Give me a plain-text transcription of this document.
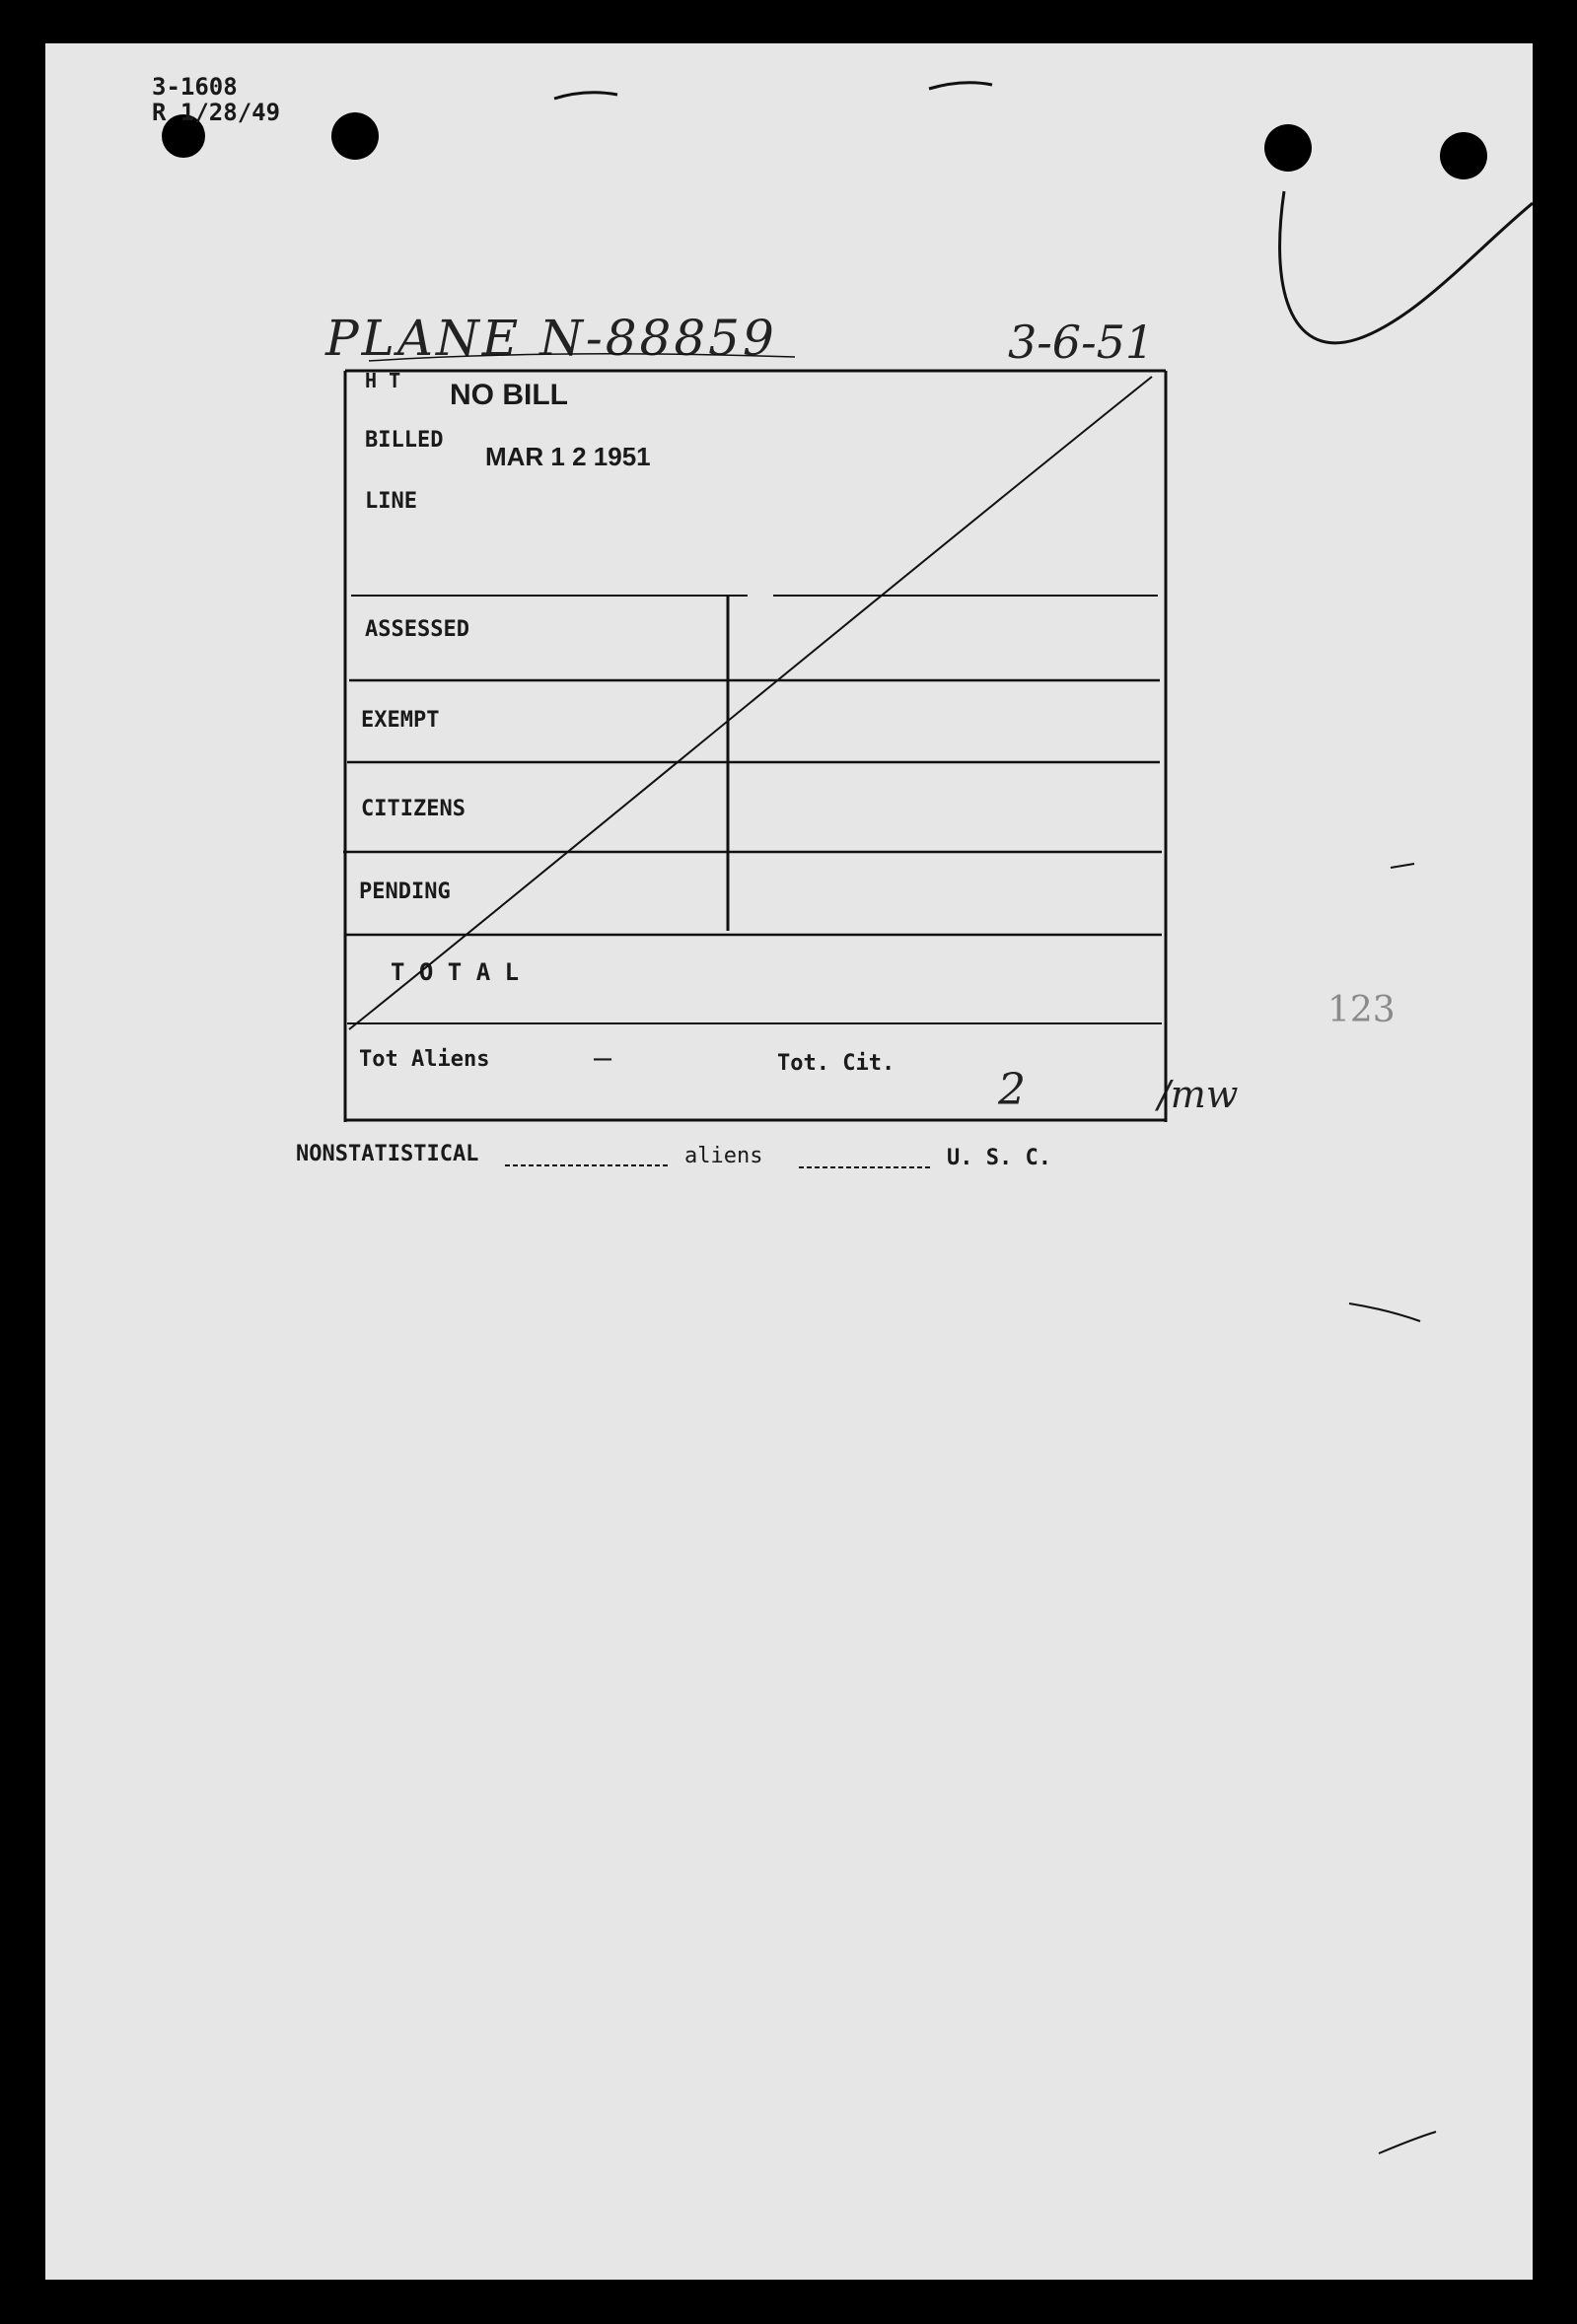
3-1608
R 1/28/49
PLANE N-88859	3-6-51
H T NO BILL
BILLED
MAR 1 2 1951
LINE
ASSESSED
EXEMPT
CITIZENS
PENDING
T O T A L
Tot Aliens	—	Tot. Cit.
2	/mw
NONSTATISTICAL	aliens	U. S. C.
123
